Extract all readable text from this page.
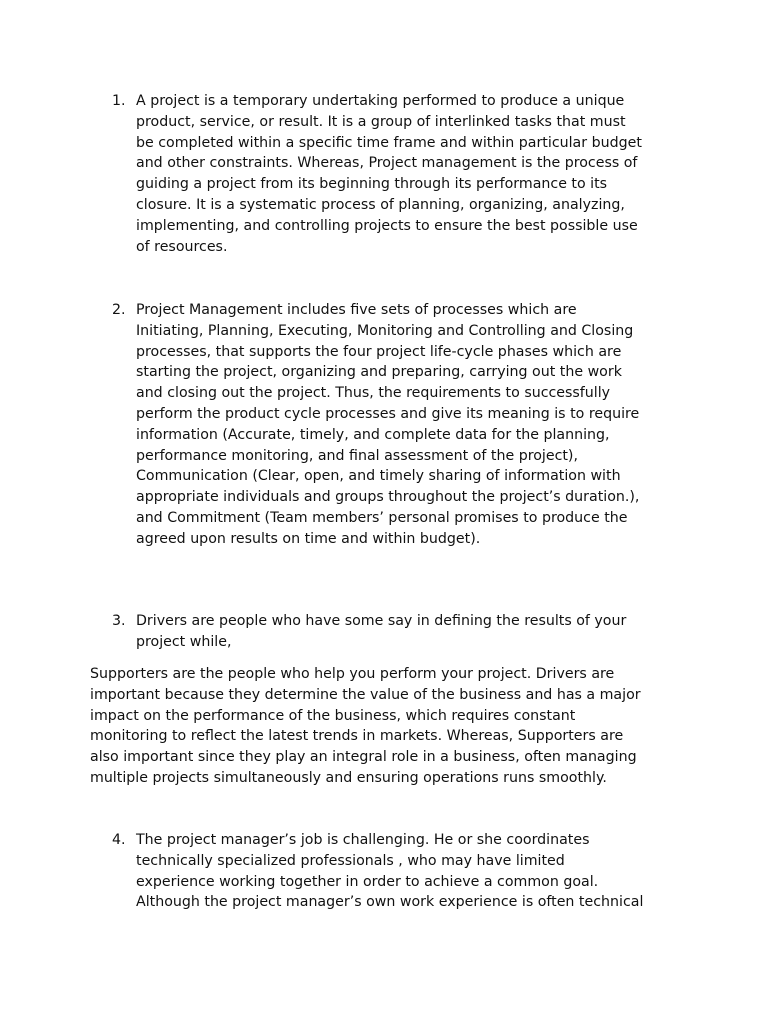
1. A project is a temporary undertaking performed to produce a unique
product, service, or result. It is a group of interlinked tasks that must
be completed within a specific time frame and within particular budget
and other constraints. Whereas, Project management is the process of
guiding a project from its beginning through its performance to its
closure. It is a systematic process of planning, organizing, analyzing,
implementing, and controlling projects to ensure the best possible use
of resources.
2. Project Management includes five sets of processes which are
Initiating, Planning, Executing, Monitoring and Controlling and Closing
processes, that supports the four project life-cycle phases which are
starting the project, organizing and preparing, carrying out the work
and closing out the project. Thus, the requirements to successfully
perform the product cycle processes and give its meaning is to require
information (Accurate, timely, and complete data for the planning,
performance monitoring, and final assessment of the project),
Communication (Clear, open, and timely sharing of information with
appropriate individuals and groups throughout the project’s duration.),
and Commitment (Team members’ personal promises to produce the
agreed upon results on time and within budget).
3. Drivers are people who have some say in defining the results of your
project while,
Supporters are the people who help you perform your project. Drivers are
important because they determine the value of the business and has a major
impact on the performance of the business, which requires constant
monitoring to reflect the latest trends in markets. Whereas, Supporters are
also important since they play an integral role in a business, often managing
multiple projects simultaneously and ensuring operations runs smoothly.
4. The project manager’s job is challenging. He or she coordinates
technically specialized professionals , who may have limited
experience working together in order to achieve a common goal.
Although the project manager’s own work experience is often technical
